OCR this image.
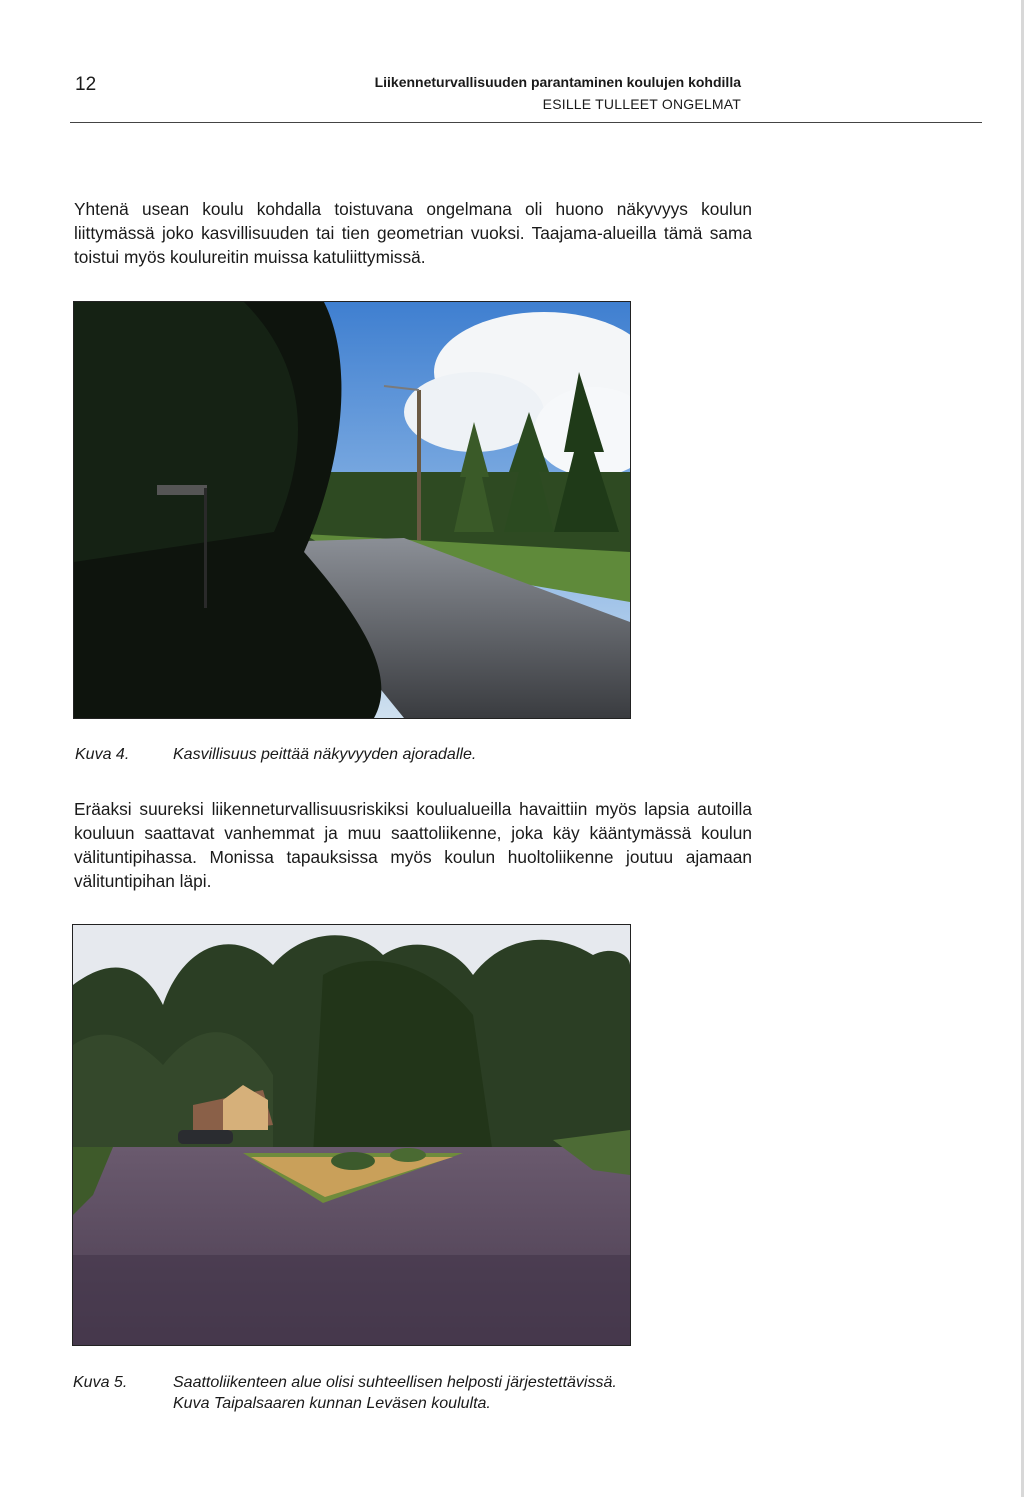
12	Liikenneturvallisuuden parantaminen koulujen kohdilla
ESILLE TULLEET ONGELMAT

Yhtenä usean koulu kohdalla toistuvana ongelmana oli huono näkyvyys koulun liittymässä joko kasvillisuuden tai tien geometrian vuoksi. Taajama-alueilla tämä sama toistui myös koulureitin muissa katuliittymissä.

Kuva 4.	Kasvillisuus peittää näkyvyyden ajoradalle.

Eräaksi suureksi liikenneturvallisuusriskiksi koulualueilla havaittiin myös lapsia autoilla kouluun saattavat vanhemmat ja muu saattoliikenne, joka käy kääntymässä koulun välituntipihassa. Monissa tapauksissa myös koulun huoltoliikenne joutuu ajamaan välituntipihan läpi.

Kuva 5.	Saattoliikenteen alue olisi suhteellisen helposti järjestettävissä. Kuva Taipalsaaren kunnan Leväsen koululta.
